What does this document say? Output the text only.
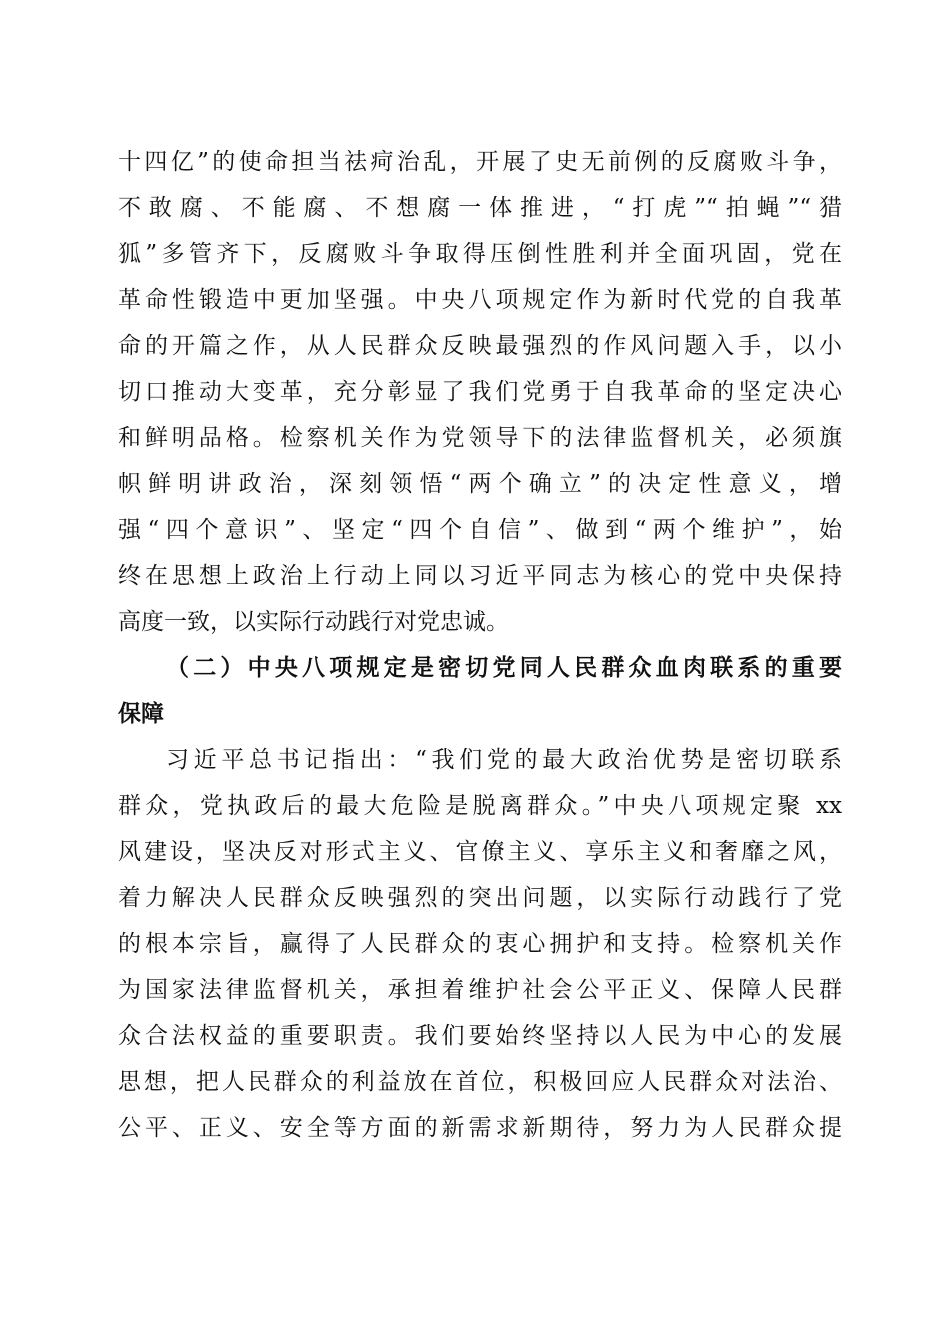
十四亿”的使命担当祛疴治乱，开展了史无前例的反腐败斗争，
不敢腐、不能腐、不想腐一体推进，“打虎”“拍蝇”“猎
狐”多管齐下，反腐败斗争取得压倒性胜利并全面巩固，党在
革命性锻造中更加坚强。中央八项规定作为新时代党的自我革
命的开篇之作，从人民群众反映最强烈的作风问题入手，以小
切口推动大变革，充分彰显了我们党勇于自我革命的坚定决心
和鲜明品格。检察机关作为党领导下的法律监督机关，必须旗
帜鲜明讲政治，深刻领悟“两个确立”的决定性意义，增
强“四个意识”、坚定“四个自信”、做到“两个维护”，始
终在思想上政治上行动上同以习近平同志为核心的党中央保持
高度一致，以实际行动践行对党忠诚。
（二）中央八项规定是密切党同人民群众血肉联系的重要
保障
习近平总书记指出：“我们党的最大政治优势是密切联系
群众，党执政后的最大危险是脱离群众。”中央八项规定聚 xx
风建设，坚决反对形式主义、官僚主义、享乐主义和奢靡之风，
着力解决人民群众反映强烈的突出问题，以实际行动践行了党
的根本宗旨，赢得了人民群众的衷心拥护和支持。检察机关作
为国家法律监督机关，承担着维护社会公平正义、保障人民群
众合法权益的重要职责。我们要始终坚持以人民为中心的发展
思想，把人民群众的利益放在首位，积极回应人民群众对法治、
公平、正义、安全等方面的新需求新期待，努力为人民群众提
